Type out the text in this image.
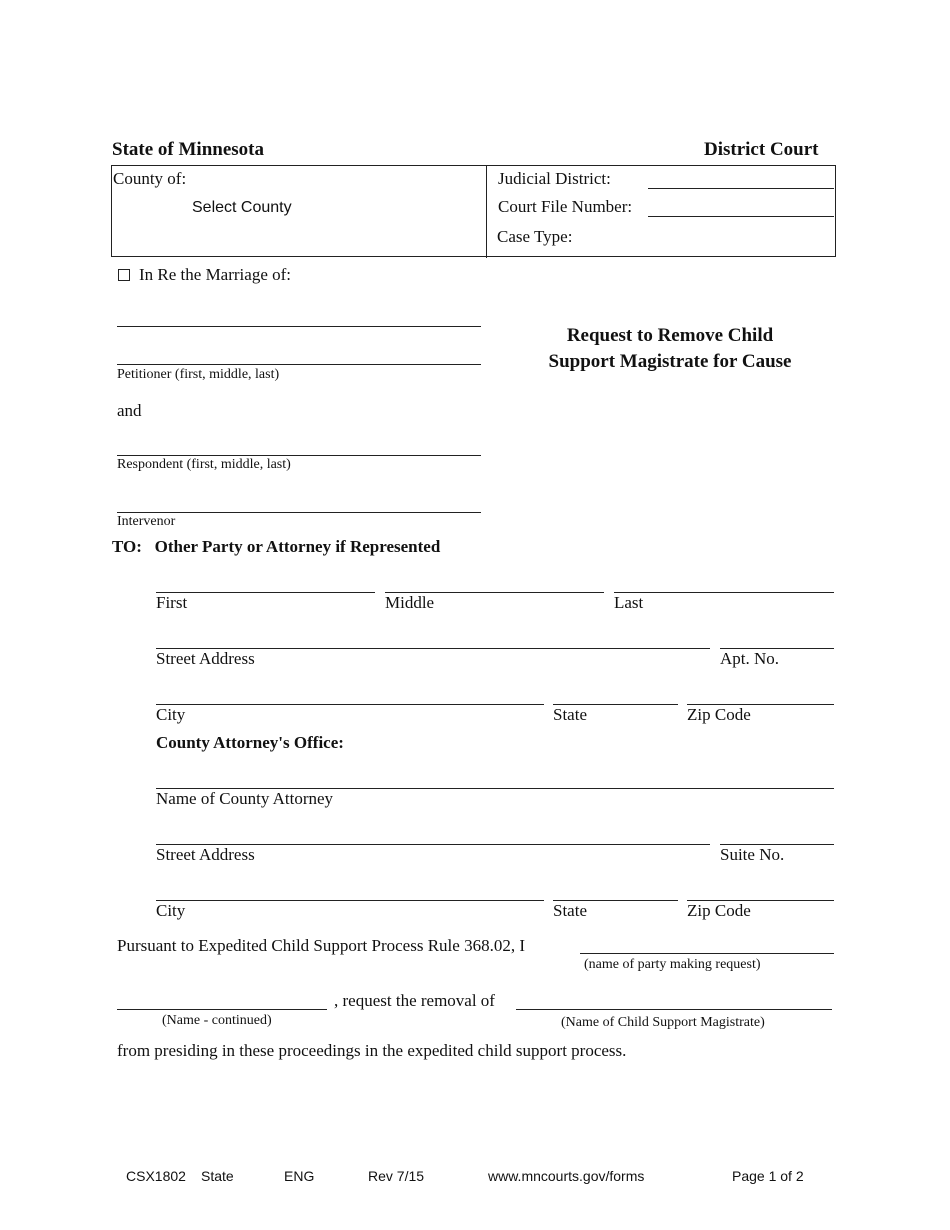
State of Minnesota	District Court
County of:
Select County
Judicial District:
Court File Number:
Case Type:
In Re the Marriage of:
Petitioner (first, middle, last)
and
Respondent (first, middle, last)
Intervenor
Request to Remove Child
Support Magistrate for Cause
TO:   Other Party or Attorney if Represented
First	Middle	Last
Street Address	Apt. No.
City	State	Zip Code
County Attorney's Office:
Name of County Attorney
Street Address	Suite No.
City	State	Zip Code
Pursuant to Expedited Child Support Process Rule 368.02, I
(name of party making request)
, request the removal of
(Name - continued)	(Name of Child Support Magistrate)
from presiding in these proceedings in the expedited child support process.
CSX1802 State	ENG	Rev 7/15	www.mncourts.gov/forms	Page 1 of 2
